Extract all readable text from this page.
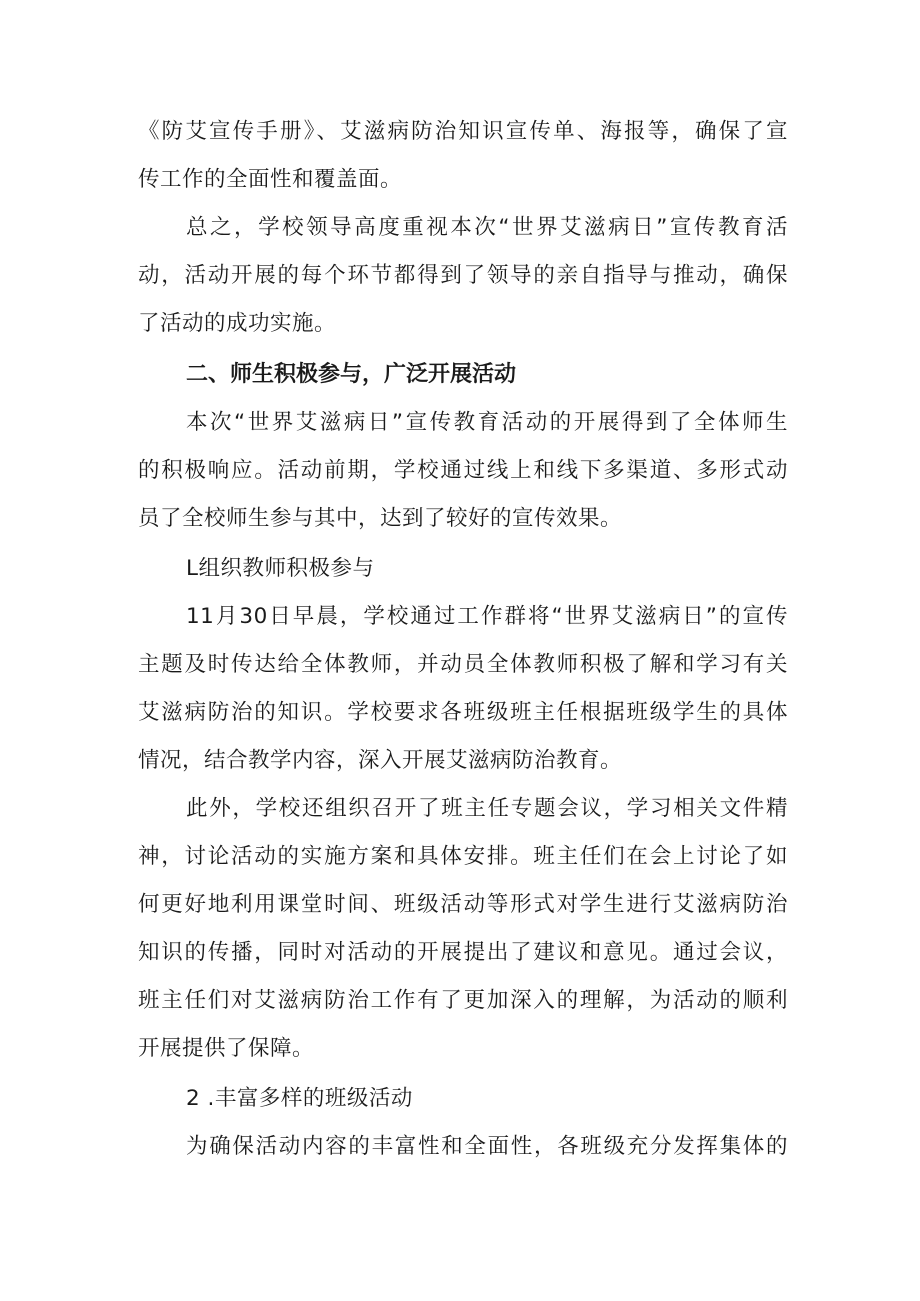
《防艾宣传手册》、艾滋病防治知识宣传单、海报等，确保了宣
传工作的全面性和覆盖面。
总之，学校领导高度重视本次“世界艾滋病日”宣传教育活
动，活动开展的每个环节都得到了领导的亲自指导与推动，确保
了活动的成功实施。
二、师生积极参与，广泛开展活动
本次“世界艾滋病日”宣传教育活动的开展得到了全体师生
的积极响应。活动前期，学校通过线上和线下多渠道、多形式动
员了全校师生参与其中，达到了较好的宣传效果。
L组织教师积极参与
11月30日早晨，学校通过工作群将“世界艾滋病日”的宣传
主题及时传达给全体教师，并动员全体教师积极了解和学习有关
艾滋病防治的知识。学校要求各班级班主任根据班级学生的具体
情况，结合教学内容，深入开展艾滋病防治教育。
此外，学校还组织召开了班主任专题会议，学习相关文件精
神，讨论活动的实施方案和具体安排。班主任们在会上讨论了如
何更好地利用课堂时间、班级活动等形式对学生进行艾滋病防治
知识的传播，同时对活动的开展提出了建议和意见。通过会议，
班主任们对艾滋病防治工作有了更加深入的理解，为活动的顺利
开展提供了保障。
2 .丰富多样的班级活动
为确保活动内容的丰富性和全面性，各班级充分发挥集体的
